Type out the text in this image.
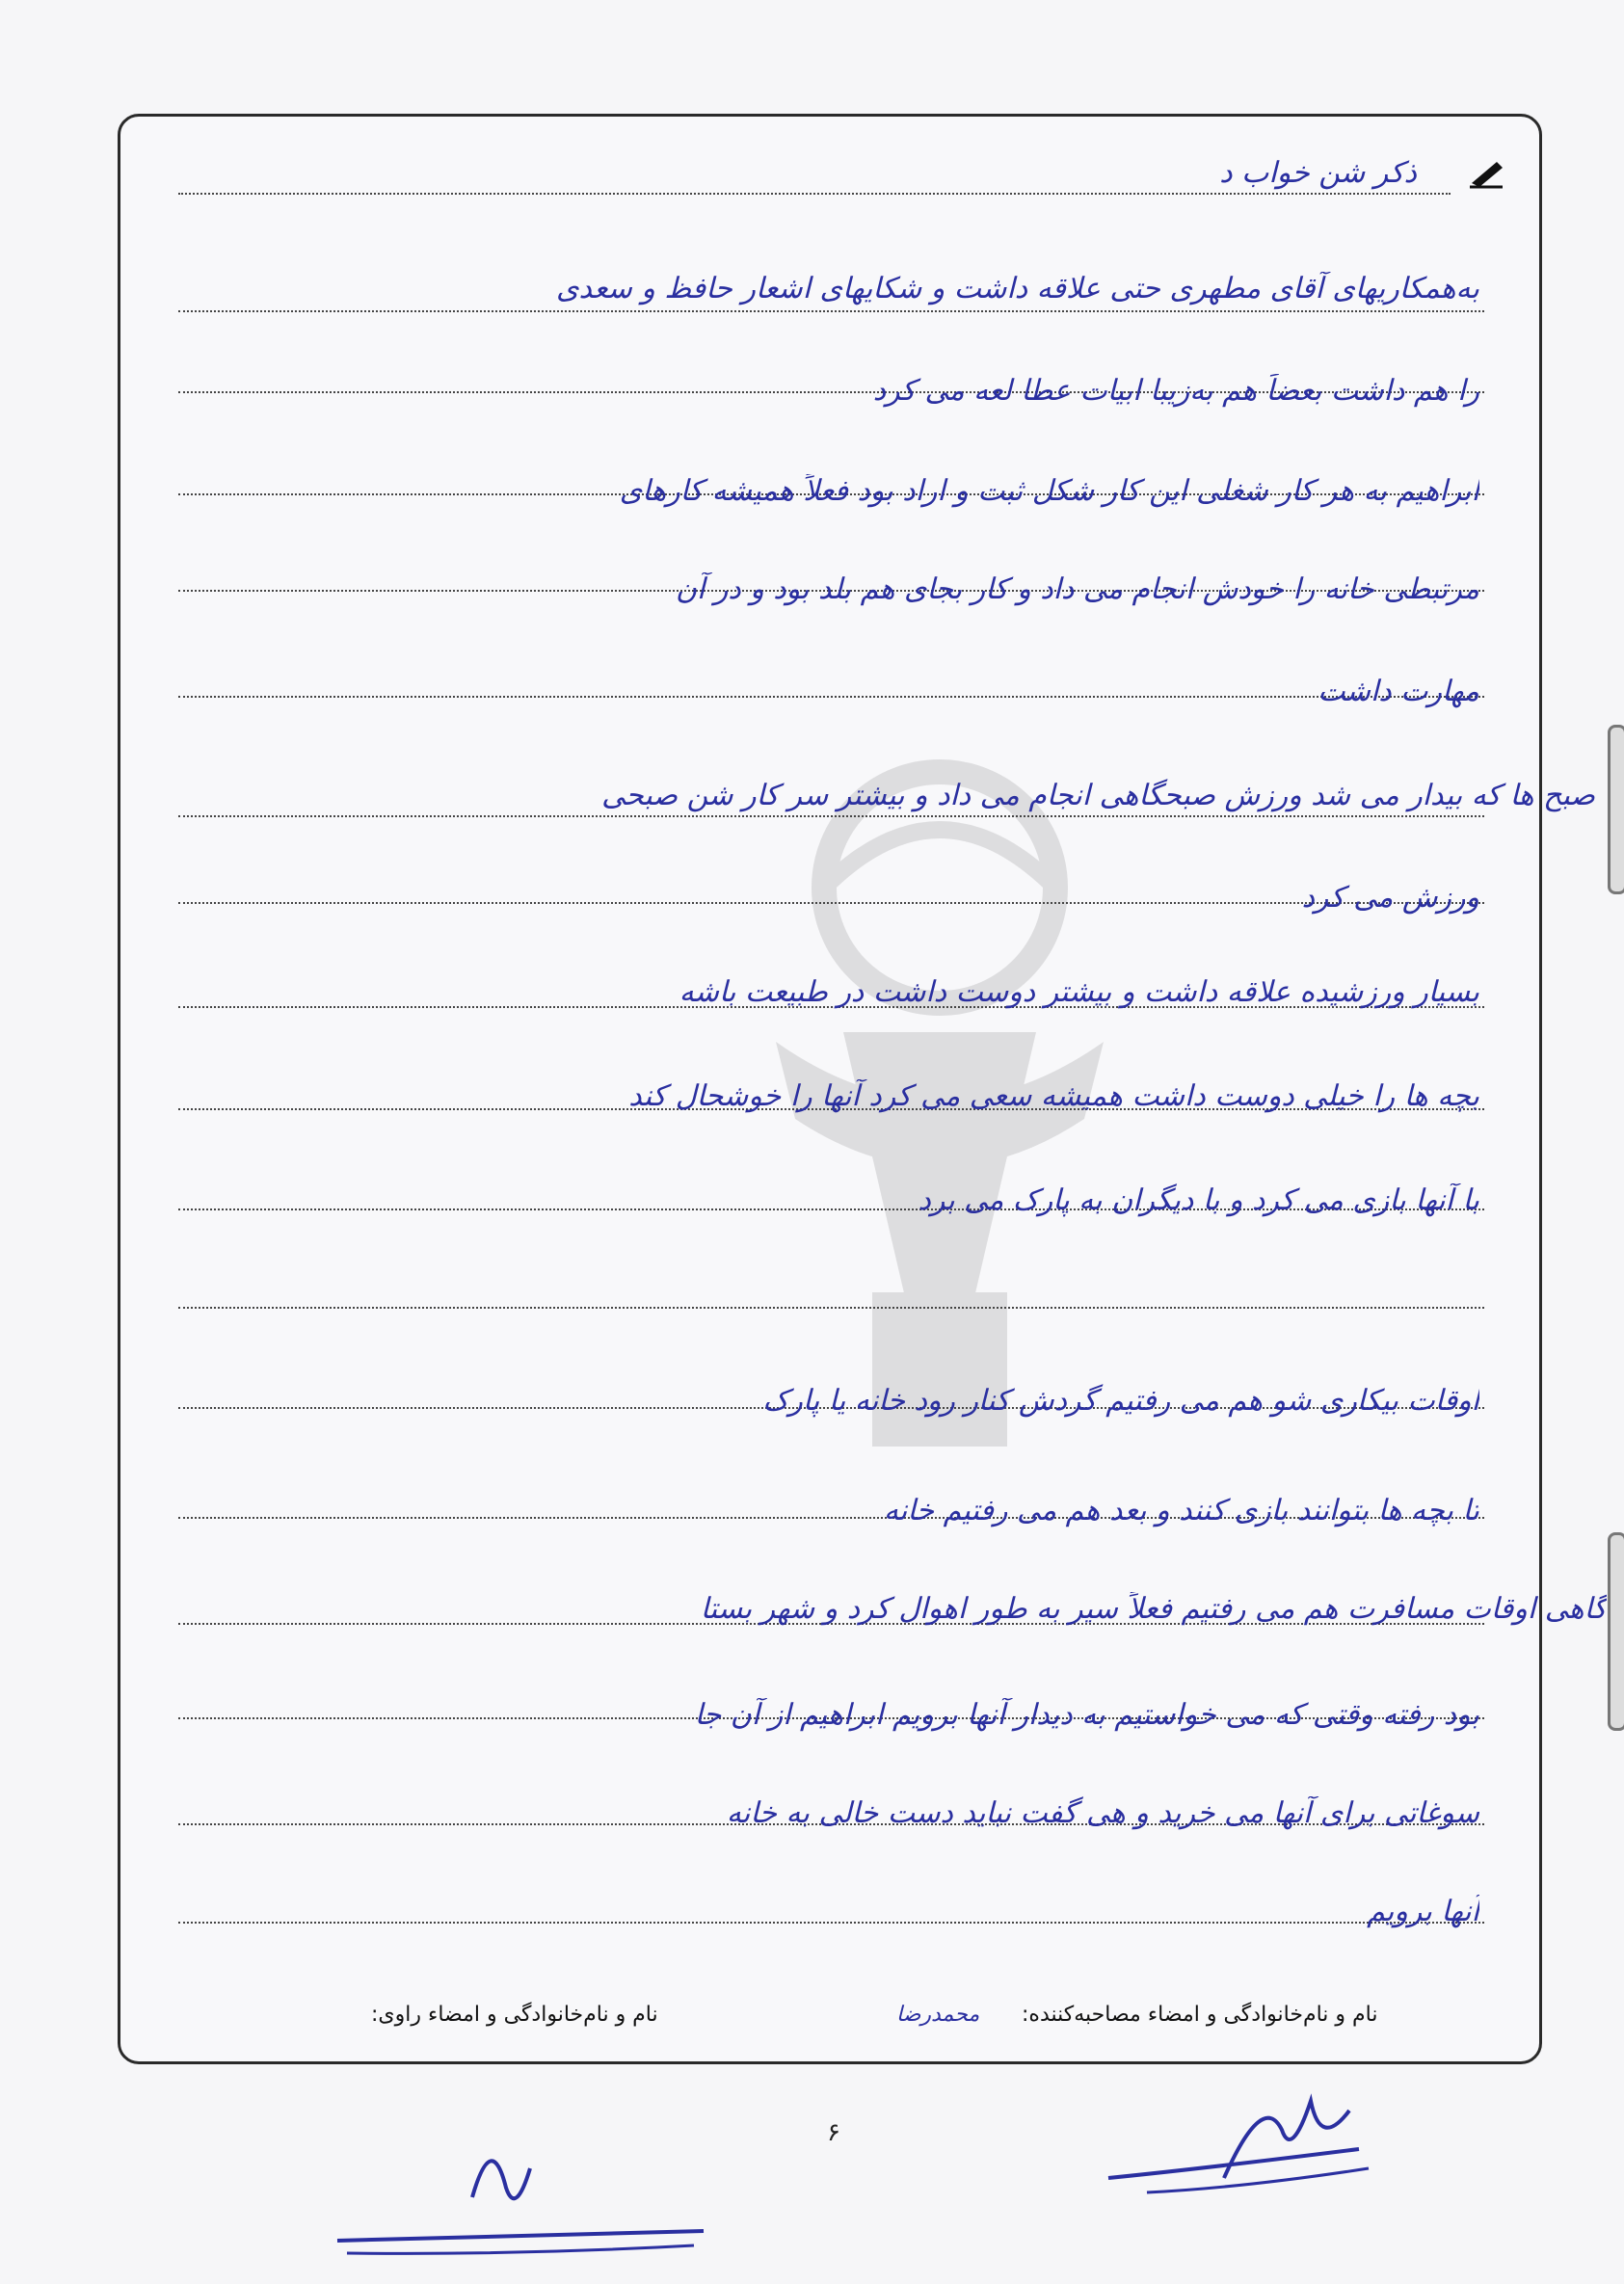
ذکر شن خواب د
به‌همکاریهای آقای مطهری حتی علاقه داشت و شکایهای اشعار حافظ و سعدی
را هم داشت بعضاً هم به‌زیبا ابیات عطا لعه می کرد
ابراهیم به هر کار شغلی این کار شکل ثبت و اراد بود فعلاً همیشه کارهای
مرتبطی خانه را خودش انجام می داد و کار بجای هم بلد بود و در آن
مهارت داشت
صبح ها که بیدار می شد ورزش صبحگاهی انجام می داد و بیشتر سر کار شن صبحی
ورزش می کرد
بسیار ورزشیده علاقه داشت و بیشتر دوست داشت در طبیعت باشه
بچه ها را خیلی دوست داشت همیشه سعی می کرد آنها را خوشحال کند
با آنها بازی می کرد و با دیگران به پارک می برد
اوقات بیکاری شو هم می رفتیم گردش کنار رود خانه یا پارک
تا بچه ها بتوانند بازی کنند و بعد هم می رفتیم خانه
گاهی اوقات مسافرت هم می رفتیم فعلاً سیر به طور اهوال کرد و شهر بستا
بود رفته وقتی که می خواستیم به دیدار آنها برویم ابراهیم از آن جا
سوغاتی برای آنها می خرید و هی گفت نباید دست خالی به خانه
آنها برویم
نام و نام‌خانوادگی و امضاء راوی:	محمدرضا نام و نام‌خانوادگی و امضاء مصاحبه‌کننده:
۶
